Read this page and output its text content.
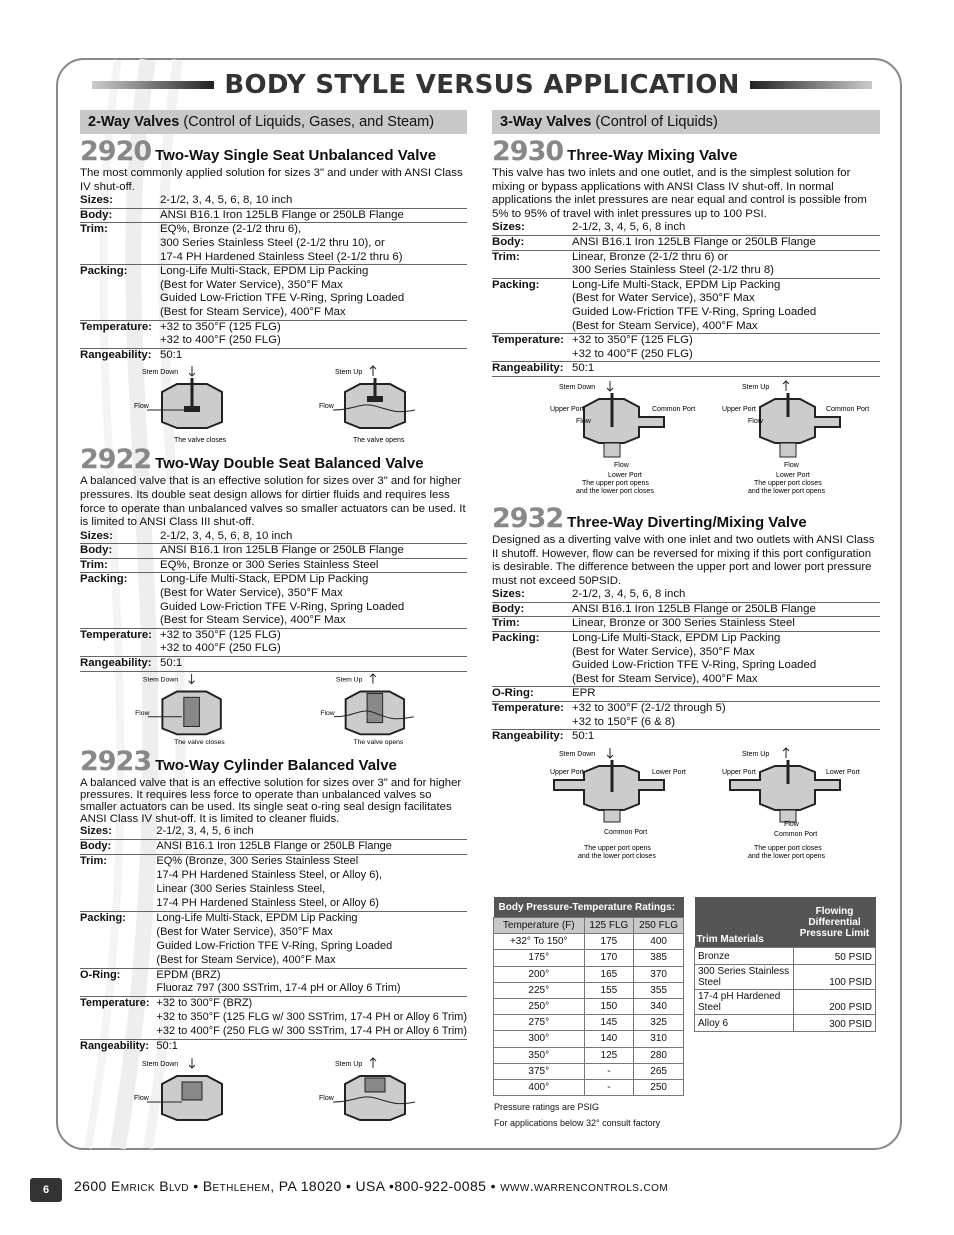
BODY STYLE VERSUS APPLICATION
2-Way Valves (Control of Liquids, Gases, and Steam)
2920 Two-Way Single Seat Unbalanced Valve

The most commonly applied solution for sizes 3" and under with ANSI Class IV shut-off.

Sizes:	2-1/2, 3, 4, 5, 6, 8, 10 inch
Body:	ANSI B16.1 Iron 125LB Flange or 250LB Flange
Trim:	EQ%, Bronze (2-1/2 thru 6),
300 Series Stainless Steel (2-1/2 thru 10), or
17-4 PH Hardened Stainless Steel (2-1/2 thru 6)

Packing:	Long-Life Multi-Stack, EPDM Lip Packing
(Best for Water Service), 350°F Max
Guided Low-Friction TFE V-Ring, Spring Loaded
(Best for Steam Service), 400°F Max

Temperature:	+32 to 350°F (125 FLG)
+32 to 400°F (250 FLG)

Rangeability:	50:1
Stem Down
Flow
The valve closes
Stem Up
Flow
The valve opens
2922 Two-Way Double Seat Balanced Valve

A balanced valve that is an effective solution for sizes over 3" and for higher pressures. Its double seat design allows for dirtier fluids and requires less force to operate than unbalanced valves so smaller actuators can be used. It is limited to ANSI Class III shut-off.

Sizes:	2-1/2, 3, 4, 5, 6, 8, 10 inch
Body:	ANSI B16.1 Iron 125LB Flange or 250LB Flange
Trim:	EQ%, Bronze or 300 Series Stainless Steel
Packing:	Long-Life Multi-Stack, EPDM Lip Packing
(Best for Water Service), 350°F Max
Guided Low-Friction TFE V-Ring, Spring Loaded
(Best for Steam Service), 400°F Max

Temperature:	+32 to 350°F (125 FLG)
+32 to 400°F (250 FLG)

Rangeability:	50:1
Stem Down
Flow
The valve closes
Stem Up
Flow
The valve opens
2923 Two-Way Cylinder Balanced Valve

A balanced valve that is an effective solution for sizes over 3" and for higher pressures. It requires less force to operate than unbalanced valves so smaller actuators can be used. Its single seat o-ring seal design facilitates ANSI Class IV shut-off. It is limited to cleaner fluids.

Sizes:	2-1/2, 3, 4, 5, 6 inch
Body:	ANSI B16.1 Iron 125LB Flange or 250LB Flange
Trim:	EQ% (Bronze, 300 Series Stainless Steel
17-4 PH Hardened Stainless Steel, or Alloy 6),
Linear (300 Series Stainless Steel,
17-4 PH Hardened Stainless Steel, or Alloy 6)

Packing:	Long-Life Multi-Stack, EPDM Lip Packing
(Best for Water Service), 350°F Max
Guided Low-Friction TFE V-Ring, Spring Loaded
(Best for Steam Service), 400°F Max

O-Ring:	EPDM (BRZ)
Fluoraz 797 (300 SSTrim, 17-4 pH or Alloy 6 Trim)

Temperature:	+32 to 300°F (BRZ)
+32 to 350°F (125 FLG w/ 300 SSTrim, 17-4 PH or Alloy 6 Trim)
+32 to 400°F (250 FLG w/ 300 SSTrim, 17-4 PH or Alloy 6 Trim)

Rangeability:	50:1
Stem Down
Flow
Stem Up
Flow
3-Way Valves (Control of Liquids)
2930 Three-Way Mixing Valve

This valve has two inlets and one outlet, and is the simplest solution for mixing or bypass applications with ANSI Class IV shut-off. In normal applications the inlet pressures are near equal and control is possible from 5% to 95% of travel with inlet pressures up to 100 PSI.

Sizes:	2-1/2, 3, 4, 5, 6, 8 inch
Body:	ANSI B16.1 Iron 125LB Flange or 250LB Flange
Trim:	Linear, Bronze (2-1/2 thru 6) or
300 Series Stainless Steel (2-1/2 thru 8)

Packing:	Long-Life Multi-Stack, EPDM Lip Packing
(Best for Water Service), 350°F Max
Guided Low-Friction TFE V-Ring, Spring Loaded
(Best for Steam Service), 400°F Max

Temperature:	+32 to 350°F (125 FLG)
+32 to 400°F (250 FLG)

Rangeability:	50:1
Stem Down
Upper Port	Common Port
Flow
Flow
Lower Port
The upper port opens
and the lower port closes
Stem Up
Upper Port	Common Port
Flow
Flow
Lower Port
The upper port closes
and the lower port opens
2932 Three-Way Diverting/Mixing Valve

Designed as a diverting valve with one inlet and two outlets with ANSI Class II shutoff. However, flow can be reversed for mixing if this port configuration is desirable. The difference between the upper port and lower port pressure must not exceed 50PSID.

Sizes:	2-1/2, 3, 4, 5, 6, 8 inch
Body:	ANSI B16.1 Iron 125LB Flange or 250LB Flange
Trim:	Linear, Bronze or 300 Series Stainless Steel
Packing:	Long-Life Multi-Stack, EPDM Lip Packing
(Best for Water Service), 350°F Max
Guided Low-Friction TFE V-Ring, Spring Loaded
(Best for Steam Service), 400°F Max

O-Ring:	EPR
Temperature:	+32 to 300°F (2-1/2 through 5)
+32 to 150°F (6 & 8)

Rangeability:	50:1
Stem Down
Upper Port	Lower Port
Common Port
The upper port opens
and the lower port closes
Stem Up
Upper Port	Lower Port
Flow
Common Port
The upper port closes
and the lower port opens
Body Pressure-Temperature Ratings:		
Temperature (F)	125 FLG	250 FLG
+32° To 150°	175	400
175°	170	385
200°	165	370
225°	155	355
250°	150	340
275°	145	325
300°	140	310
350°	125	280
375°	-	265
400°	-	250
Pressure ratings are PSIG
For applications below 32° consult factory
Trim Materials	Flowing Differential Pressure Limit
Bronze	50 PSID
300 Series Stainless Steel	100 PSID
17-4 pH Hardened Steel	200 PSID
Alloy 6	300 PSID
6	2600 Emrick Blvd • Bethlehem, PA 18020 • USA •800-922-0085 • www.warrencontrols.com
